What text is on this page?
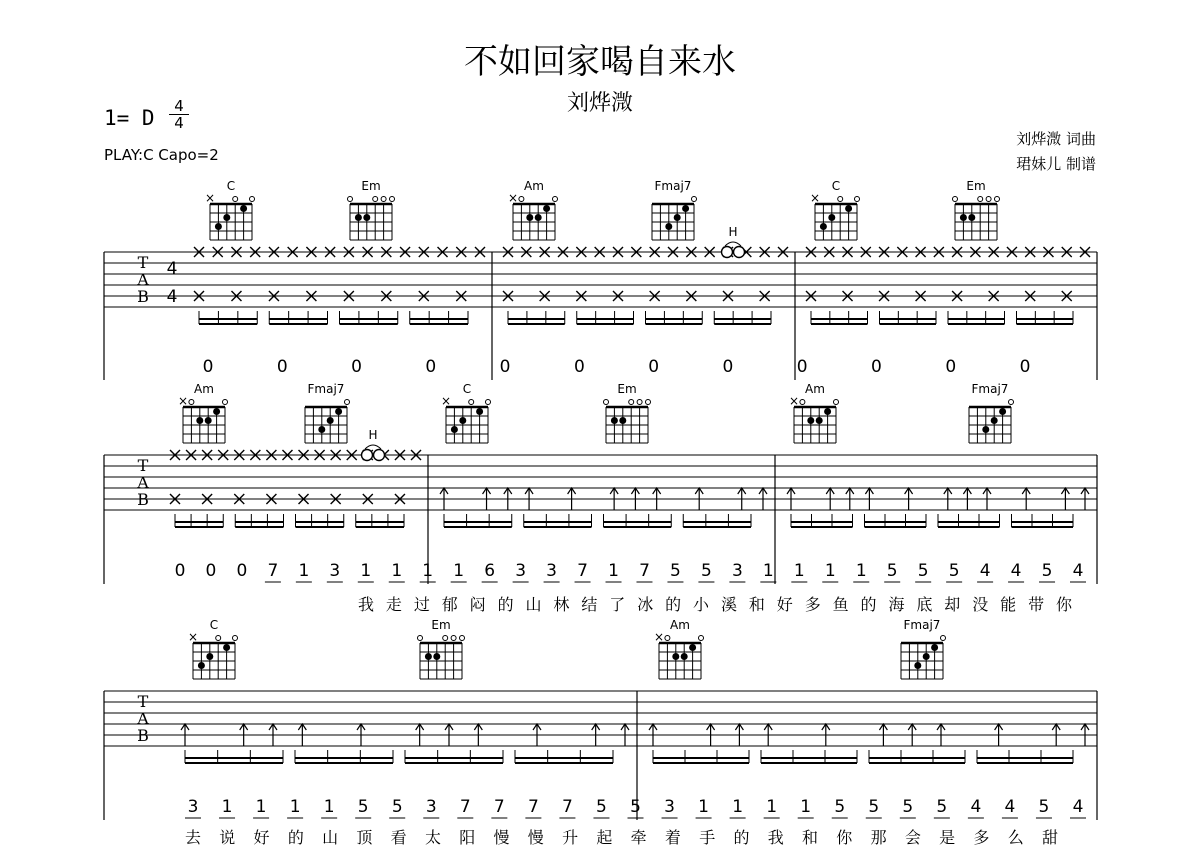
不如回家喝自来水
刘烨溦
1= D	4
4
PLAY:C Capo=2
刘烨溦 词曲
珺妹儿 制谱
T
A
B
C
×
Em	Am
×
Fmaj7	C
×
Em
4
4
H
0	0	0	0	0	0	0	0	0	0	0	0
T
A
B
Am
×
Fmaj7	C
×
Em	Am
×
Fmaj7
H
0 0 0 7 1 3 1 1 1 1 6 3 3 7 1 7 5 5 3 1 1 1 1 5 5 5 4 4 5 4
我 走 过 郁 闷 的 山 林 结 了 冰 的 小 溪 和 好 多 鱼 的 海 底 却 没 能 带 你
T
A
B
C
×
Em	Am
×
Fmaj7
3 1 1 1 1 5 5 3 7 7 7 7 5 5 3 1 1 1 1 5 5 5 5 4 4 5 4
去 说 好 的 山 顶 看 太 阳 慢 慢 升 起 牵 着 手 的 我 和 你 那 会 是 多 么 甜
